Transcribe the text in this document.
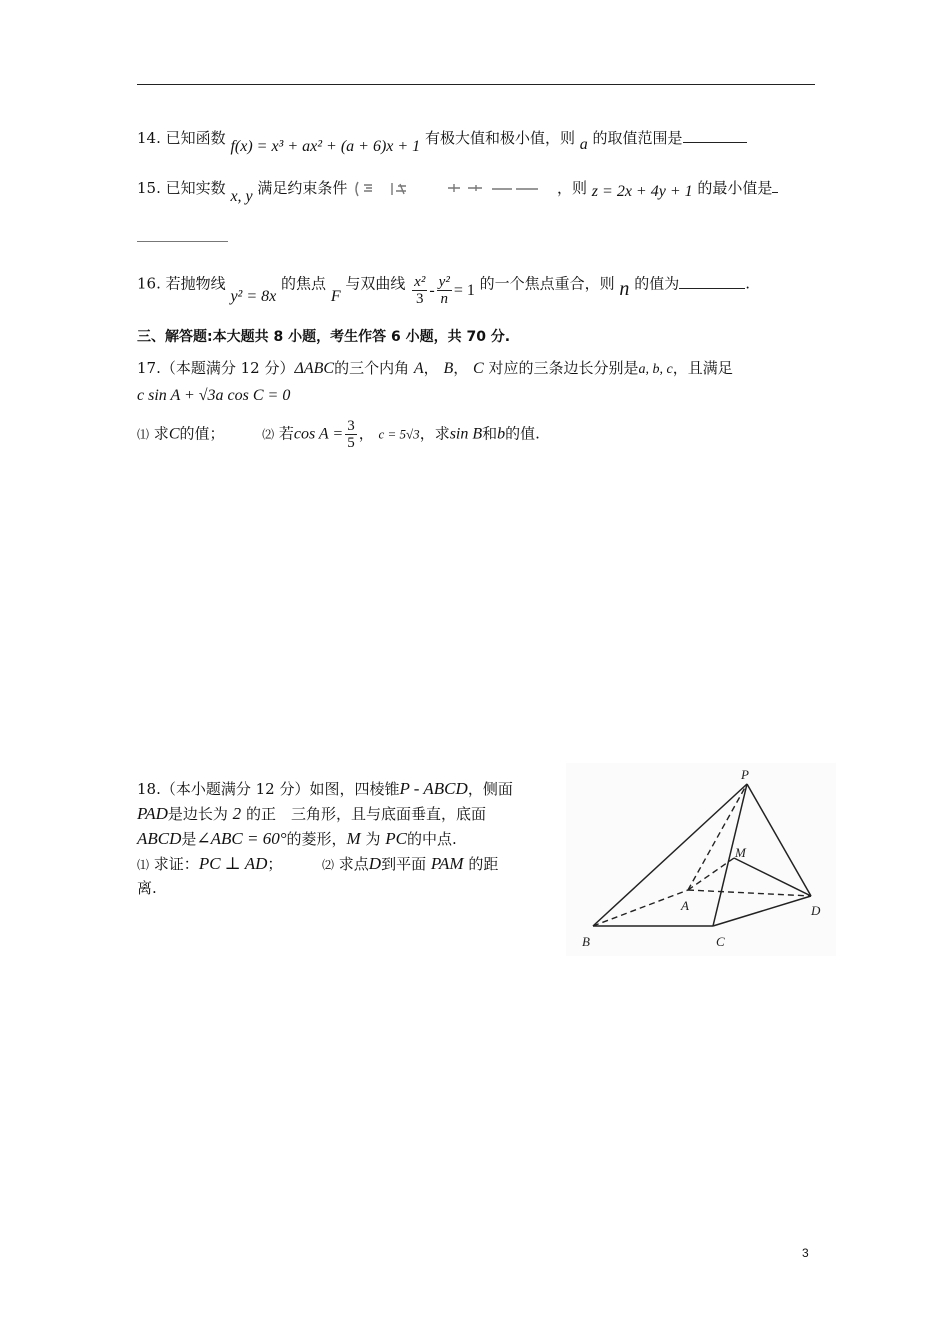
14. 已知函数 f(x) = x³ + ax² + (a + 6)x + 1 有极大值和极小值，则 a 的取值范围是
15. 已知实数 x, y 满足约束条件	，则 z = 2x + 4y + 1 的最小值是
16. 若抛物线 y² = 8x 的焦点 F 与双曲线 $\frac{\text{x²}}{3} - \frac{\text{y²}}{n} = 1$ 的一个焦点重合，则 n 的值为	.
三、解答题:本大题共 8 小题，考生作答 6 小题，共 70 分.
17.（本题满分 12 分）ΔABC的三个内角 A， B， C 对应的三条边长分别是a, b, c，且满足
c sin A + √3a cos C = 0
⑴ 求C的值；	⑵ 若$\cos A = \frac{3}{5}$ ， c = 5√3，求sin B和b的值.
18.（本小题满分 12 分）如图，四棱锥P - ABCD，侧面
PAD是边长为 2 的正　三角形，且与底面垂直，底面
ABCD是∠ABC = 60°的菱形，M 为 PC的中点.
⑴ 求证：PC ⊥ AD；	⑵ 求点D到平面 PAM 的距
离.
P
M
A
B	C
D
3
